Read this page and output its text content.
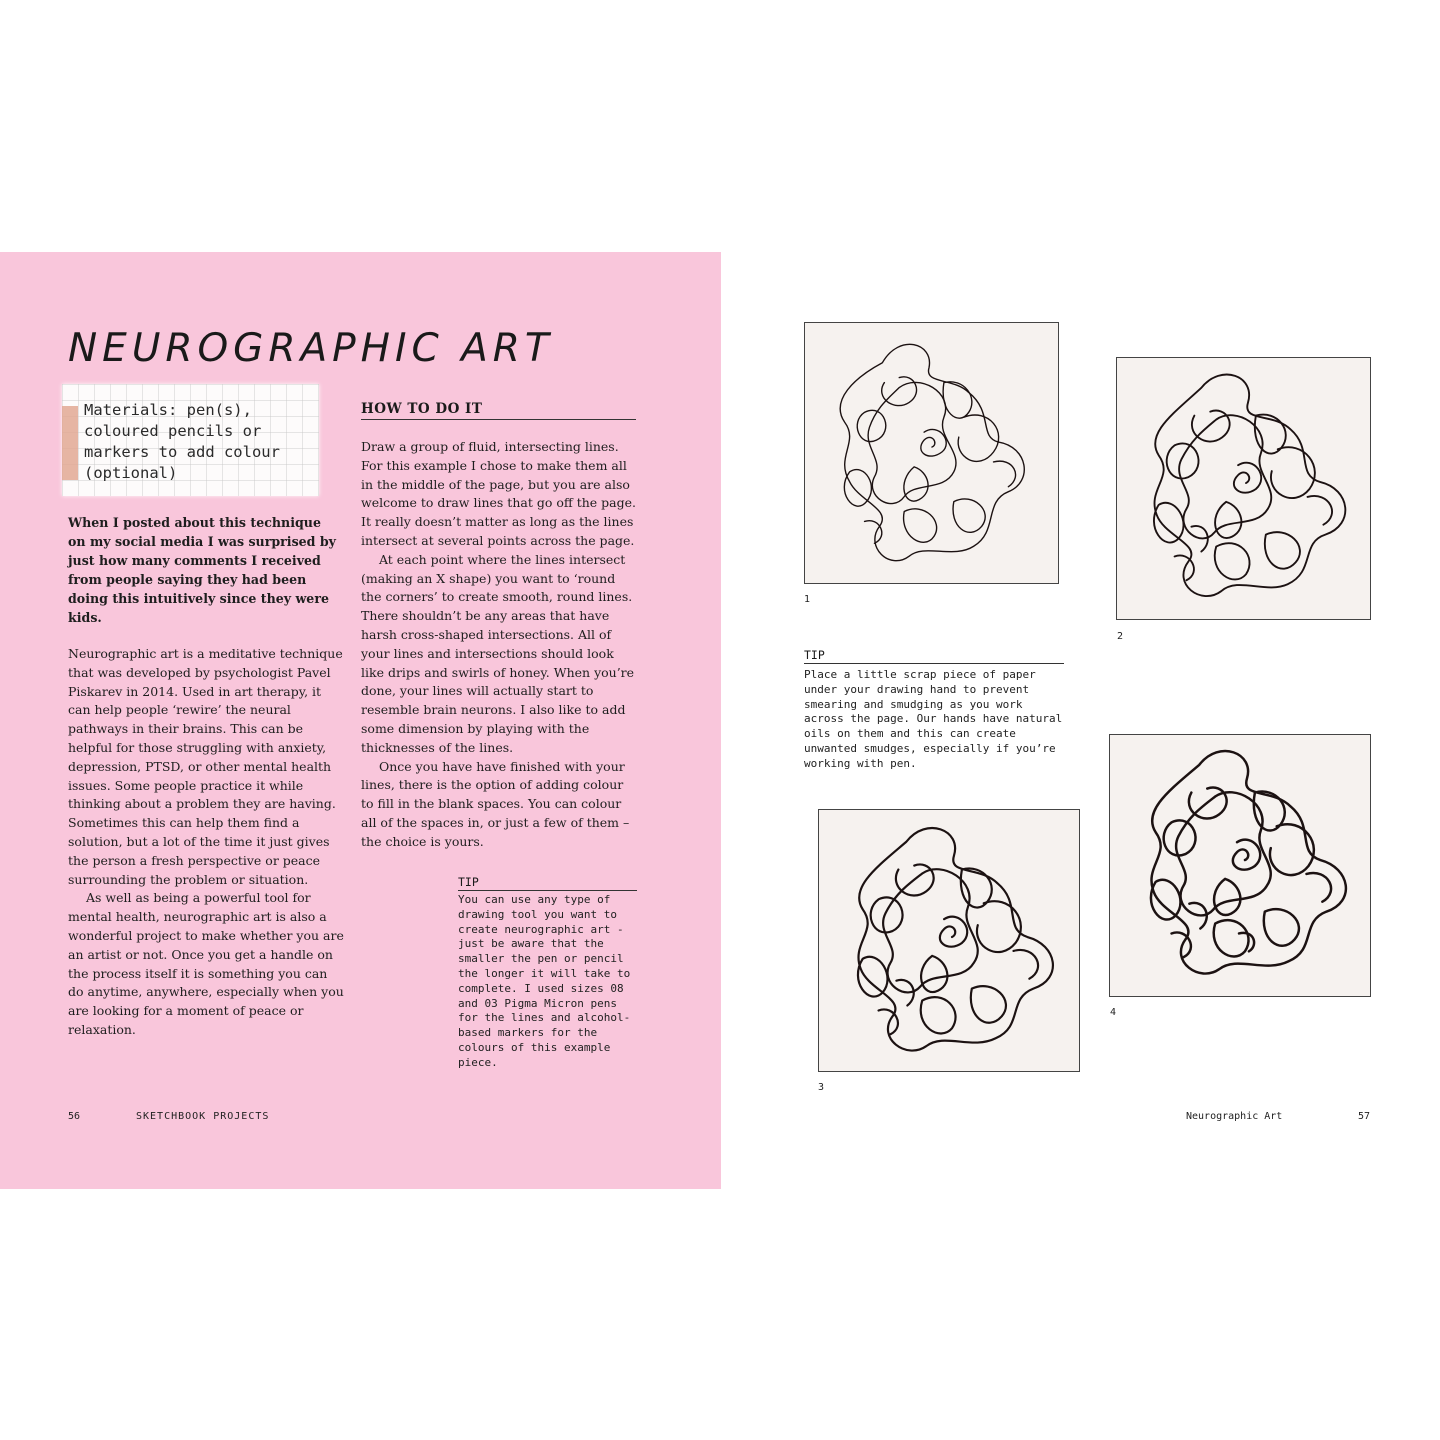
NEUROGRAPHIC ART

Materials: pen(s), coloured pencils or markers to add colour (optional)

When I posted about this technique on my social media I was surprised by just how many comments I received from people saying they had been doing this intuitively since they were kids.

Neurographic art is a meditative technique that was developed by psychologist Pavel Piskarev in 2014. Used in art therapy, it can help people ‘rewire’ the neural pathways in their brains. This can be helpful for those struggling with anxiety, depression, PTSD, or other mental health issues. Some people practice it while thinking about a problem they are having. Sometimes this can help them find a solution, but a lot of the time it just gives the person a fresh perspective or peace surrounding the problem or situation.

As well as being a powerful tool for mental health, neurographic art is also a wonderful project to make whether you are an artist or not. Once you get a handle on the process itself it is something you can do anytime, anywhere, especially when you are looking for a moment of peace or relaxation.

HOW TO DO IT

Draw a group of fluid, intersecting lines. For this example I chose to make them all in the middle of the page, but you are also welcome to draw lines that go off the page. It really doesn’t matter as long as the lines intersect at several points across the page.

At each point where the lines intersect (making an X shape) you want to ‘round the corners’ to create smooth, round lines. There shouldn’t be any areas that have harsh cross-shaped intersections. All of your lines and intersections should look like drips and swirls of honey. When you’re done, your lines will actually start to resemble brain neurons. I also like to add some dimension by playing with the thicknesses of the lines.

Once you have have finished with your lines, there is the option of adding colour to fill in the blank spaces. You can colour all of the spaces in, or just a few of them – the choice is yours.

TIP

You can use any type of drawing tool you want to create neurographic art - just be aware that the smaller the pen or pencil the longer it will take to complete. I used sizes 08 and 03 Pigma Micron pens for the lines and alcohol-based markers for the colours of this example piece.

56	SKETCHBOOK PROJECTS

1

2

3

4

TIP

Place a little scrap piece of paper under your drawing hand to prevent smearing and smudging as you work across the page. Our hands have natural oils on them and this can create unwanted smudges, especially if you’re working with pen.

Neurographic Art	57
